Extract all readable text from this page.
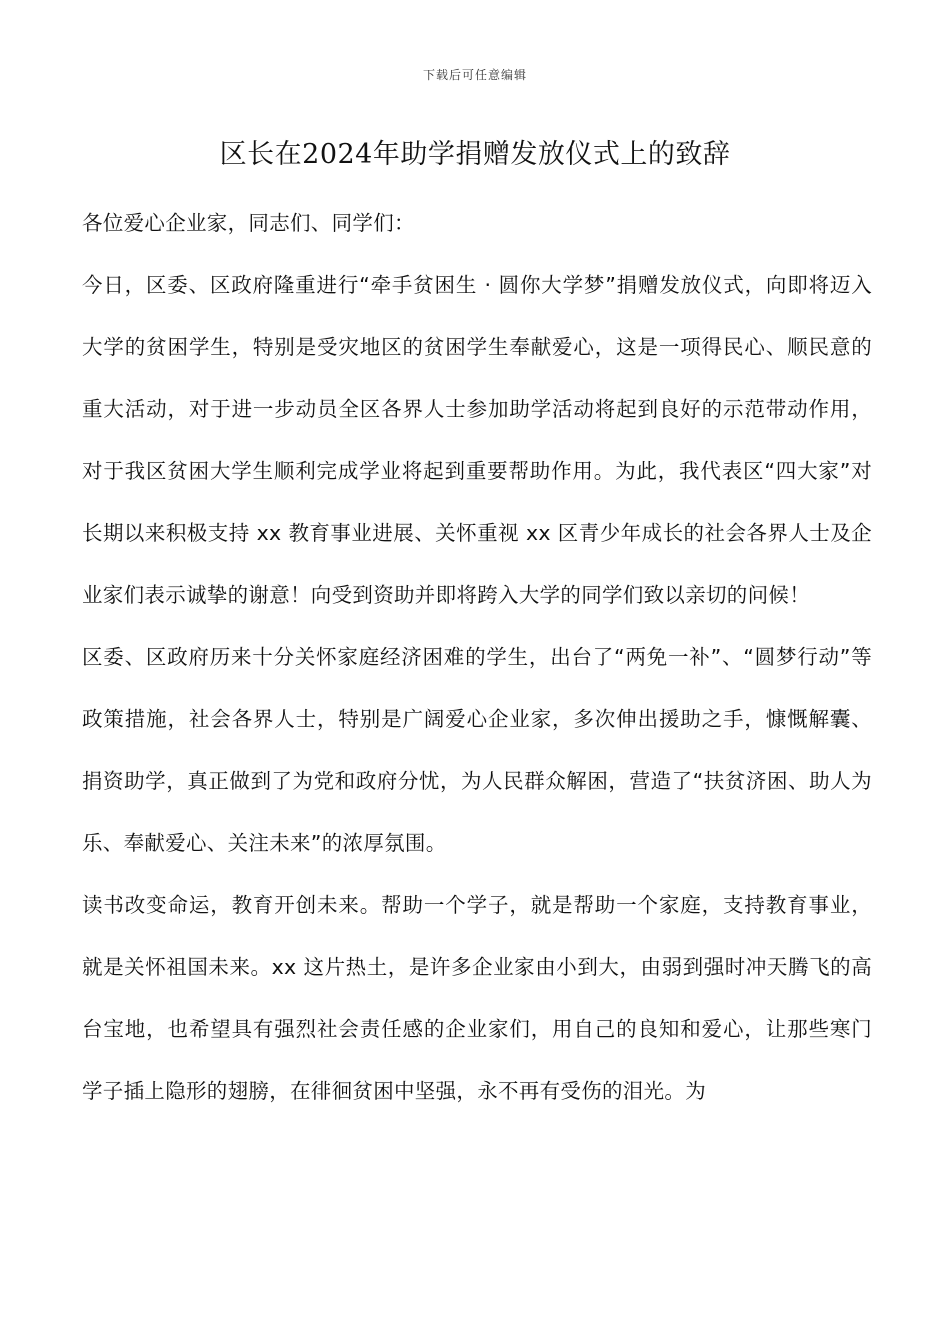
下载后可任意编辑
区长在2024年助学捐赠发放仪式上的致辞

各位爱心企业家，同志们、同学们：

今日，区委、区政府隆重进行“牵手贫困生 · 圆你大学梦”捐赠发放仪式，向即将迈入大学的贫困学生，特别是受灾地区的贫困学生奉献爱心，这是一项得民心、顺民意的重大活动，对于进一步动员全区各界人士参加助学活动将起到良好的示范带动作用，对于我区贫困大学生顺利完成学业将起到重要帮助作用。为此，我代表区“四大家”对长期以来积极支持 xx 教育事业进展、关怀重视 xx 区青少年成长的社会各界人士及企业家们表示诚挚的谢意！向受到资助并即将跨入大学的同学们致以亲切的问候！

区委、区政府历来十分关怀家庭经济困难的学生，出台了“两免一补”、“圆梦行动”等政策措施，社会各界人士，特别是广阔爱心企业家，多次伸出援助之手，慷慨解囊、捐资助学，真正做到了为党和政府分忧，为人民群众解困，营造了“扶贫济困、助人为乐、奉献爱心、关注未来”的浓厚氛围。

读书改变命运，教育开创未来。帮助一个学子，就是帮助一个家庭，支持教育事业，就是关怀祖国未来。xx 这片热土，是许多企业家由小到大，由弱到强时冲天腾飞的高台宝地，也希望具有强烈社会责任感的企业家们，用自己的良知和爱心，让那些寒门学子插上隐形的翅膀，在徘徊贫困中坚强，永不再有受伤的泪光。为
